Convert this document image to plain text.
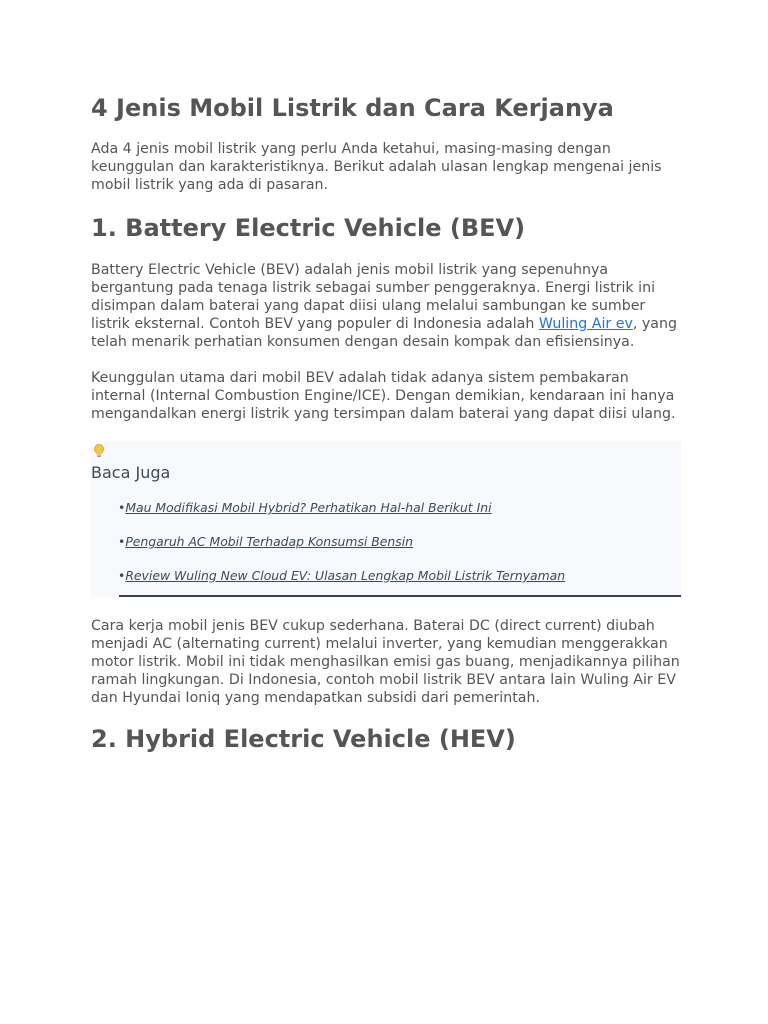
4 Jenis Mobil Listrik dan Cara Kerjanya

Ada 4 jenis mobil listrik yang perlu Anda ketahui, masing-masing dengan keunggulan dan karakteristiknya. Berikut adalah ulasan lengkap mengenai jenis mobil listrik yang ada di pasaran.

1. Battery Electric Vehicle (BEV)

Battery Electric Vehicle (BEV) adalah jenis mobil listrik yang sepenuhnya bergantung pada tenaga listrik sebagai sumber penggeraknya. Energi listrik ini disimpan dalam baterai yang dapat diisi ulang melalui sambungan ke sumber listrik eksternal. Contoh BEV yang populer di Indonesia adalah Wuling Air ev, yang telah menarik perhatian konsumen dengan desain kompak dan efisiensinya.

Keunggulan utama dari mobil BEV adalah tidak adanya sistem pembakaran internal (Internal Combustion Engine/ICE). Dengan demikian, kendaraan ini hanya mengandalkan energi listrik yang tersimpan dalam baterai yang dapat diisi ulang.

Baca Juga
•Mau Modifikasi Mobil Hybrid? Perhatikan Hal-hal Berikut Ini
•Pengaruh AC Mobil Terhadap Konsumsi Bensin
•Review Wuling New Cloud EV: Ulasan Lengkap Mobil Listrik Ternyaman

Cara kerja mobil jenis BEV cukup sederhana. Baterai DC (direct current) diubah menjadi AC (alternating current) melalui inverter, yang kemudian menggerakkan motor listrik. Mobil ini tidak menghasilkan emisi gas buang, menjadikannya pilihan ramah lingkungan. Di Indonesia, contoh mobil listrik BEV antara lain Wuling Air EV dan Hyundai Ioniq yang mendapatkan subsidi dari pemerintah.

2. Hybrid Electric Vehicle (HEV)
